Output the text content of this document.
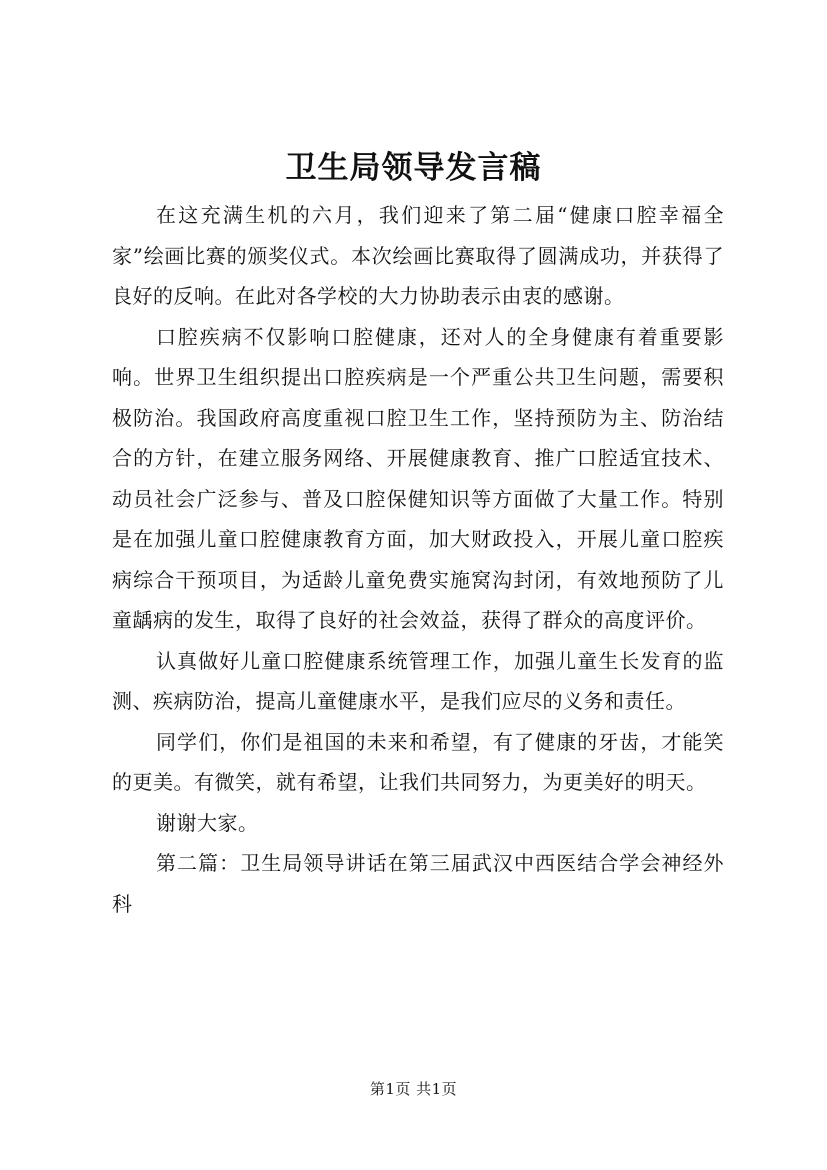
卫生局领导发言稿

在这充满生机的六月，我们迎来了第二届“健康口腔幸福全家”绘画比赛的颁奖仪式。本次绘画比赛取得了圆满成功，并获得了良好的反响。在此对各学校的大力协助表示由衷的感谢。

口腔疾病不仅影响口腔健康，还对人的全身健康有着重要影响。世界卫生组织提出口腔疾病是一个严重公共卫生问题，需要积极防治。我国政府高度重视口腔卫生工作，坚持预防为主、防治结合的方针，在建立服务网络、开展健康教育、推广口腔适宜技术、动员社会广泛参与、普及口腔保健知识等方面做了大量工作。特别是在加强儿童口腔健康教育方面，加大财政投入，开展儿童口腔疾病综合干预项目，为适龄儿童免费实施窝沟封闭，有效地预防了儿童龋病的发生，取得了良好的社会效益，获得了群众的高度评价。

认真做好儿童口腔健康系统管理工作，加强儿童生长发育的监测、疾病防治，提高儿童健康水平，是我们应尽的义务和责任。

同学们，你们是祖国的未来和希望，有了健康的牙齿，才能笑的更美。有微笑，就有希望，让我们共同努力，为更美好的明天。

谢谢大家。

第二篇：卫生局领导讲话在第三届武汉中西医结合学会神经外科

第1页 共1页
